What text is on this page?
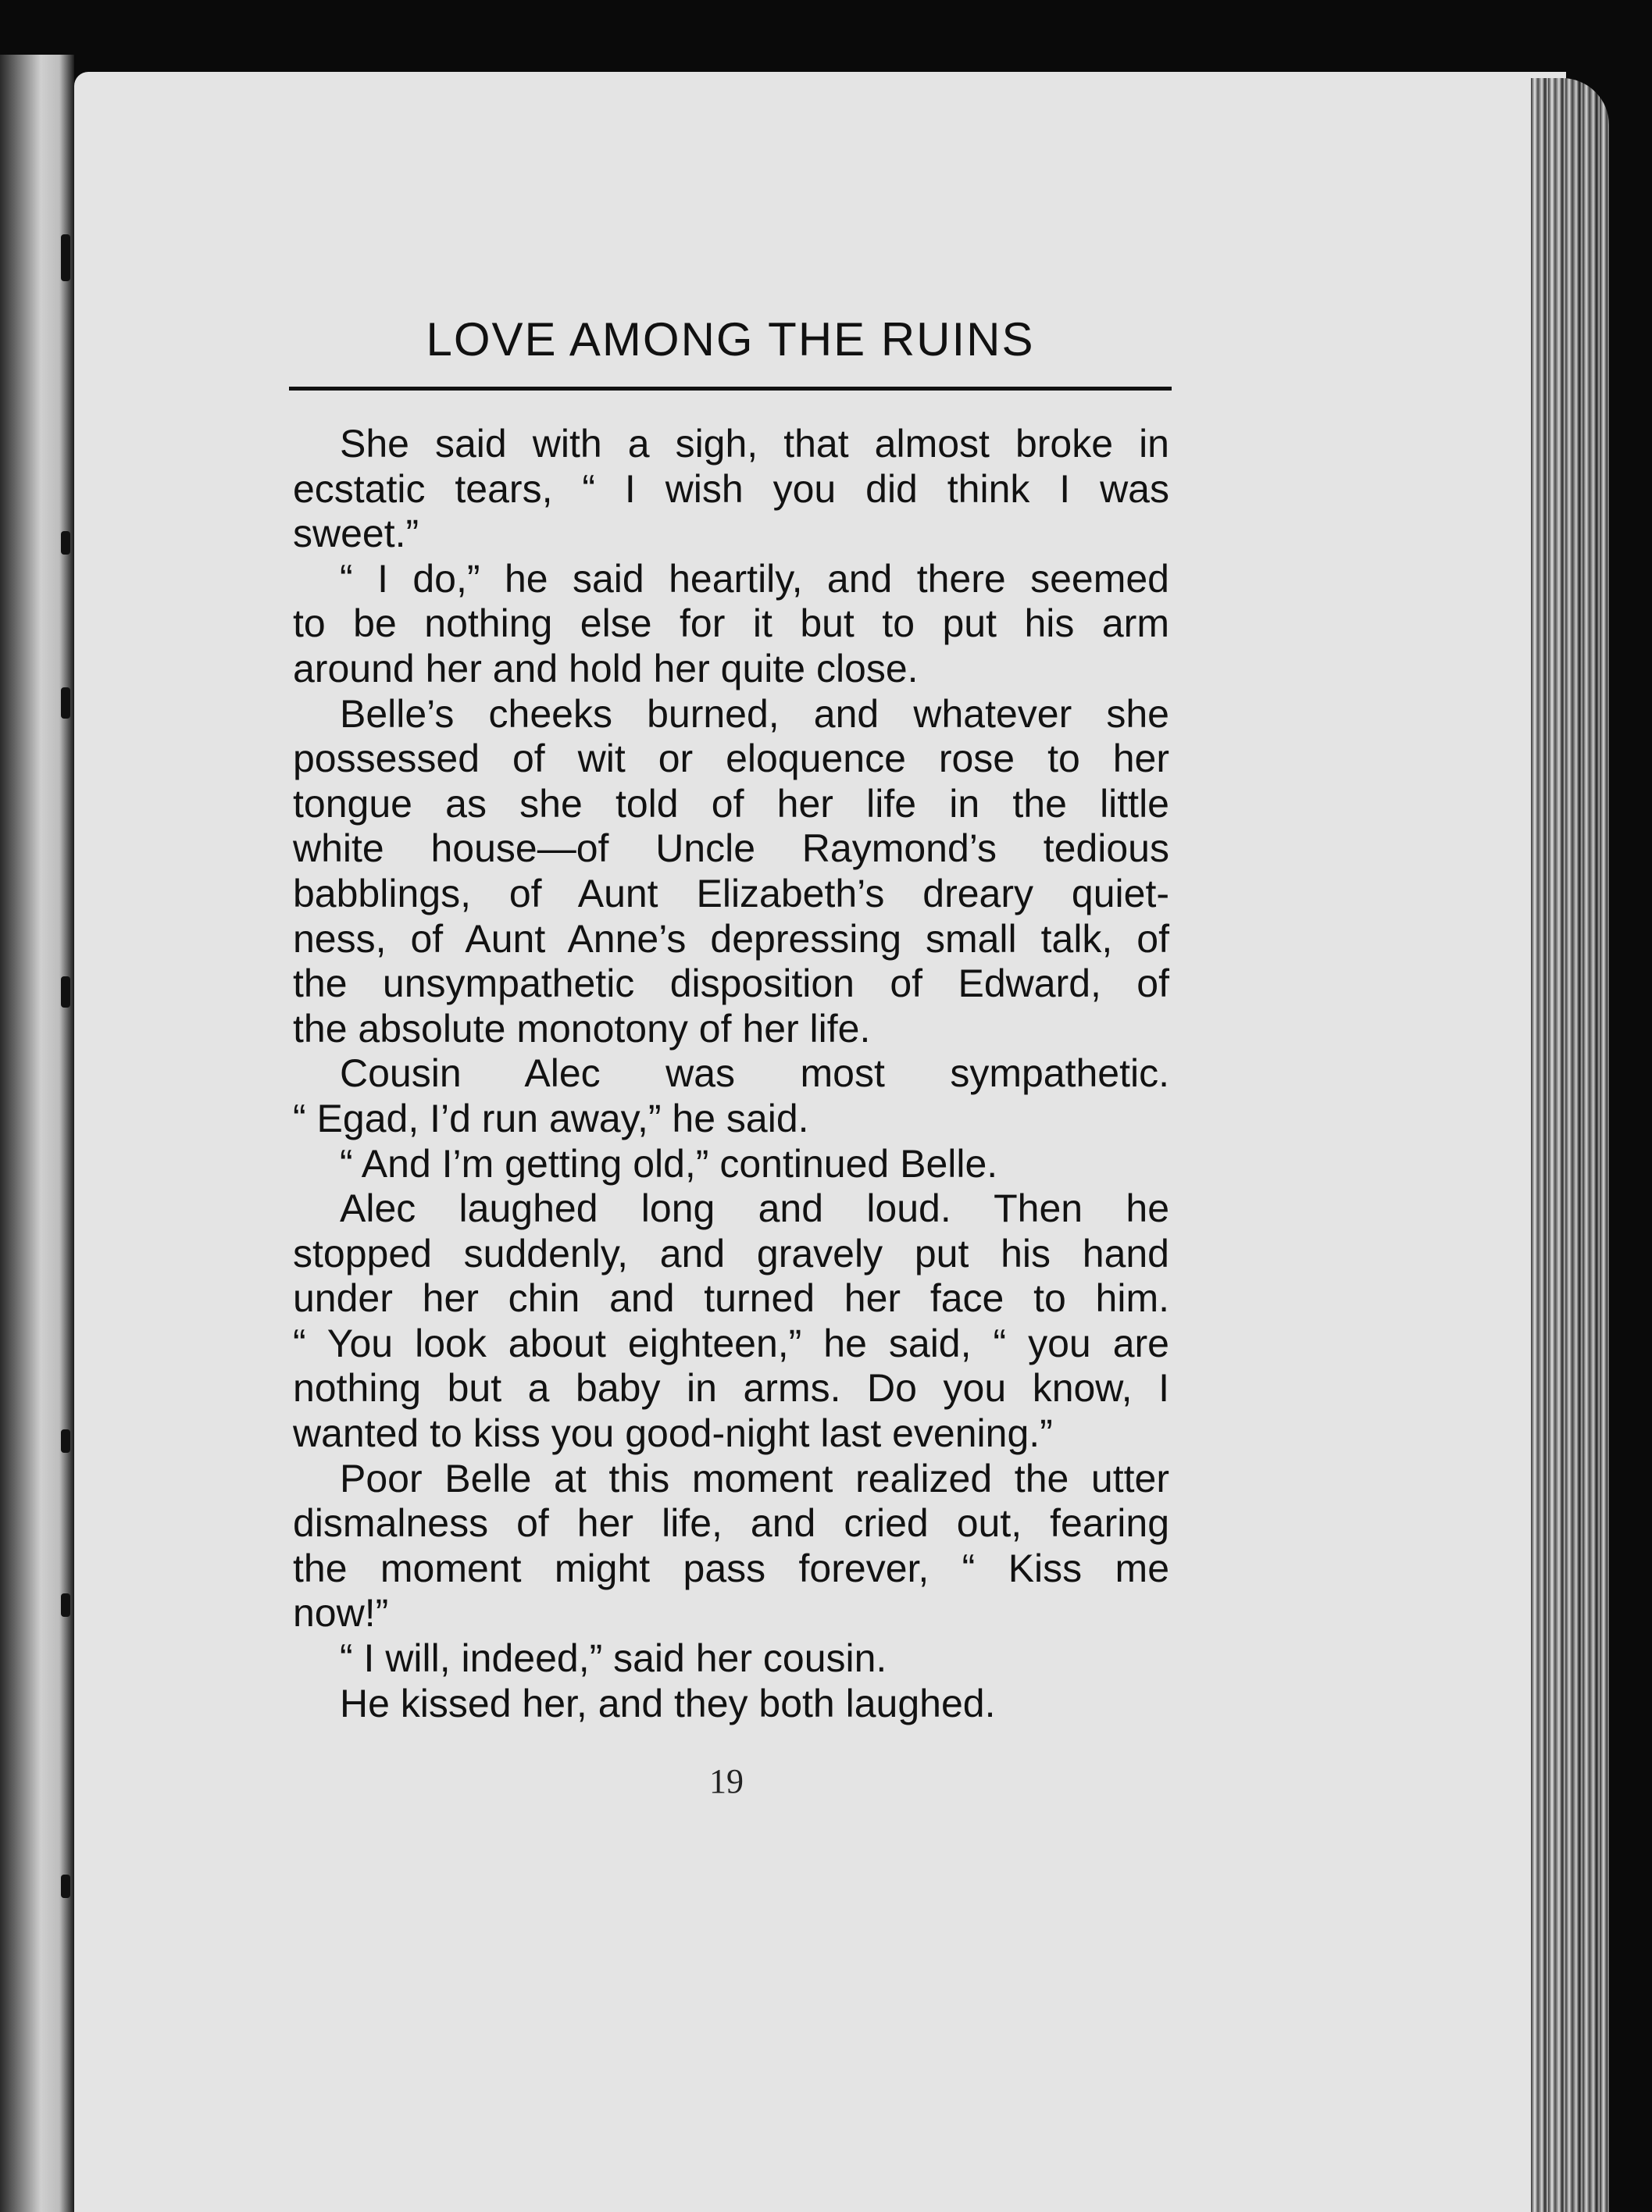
LOVE AMONG THE RUINS
She said with a sigh, that almost broke in
ecstatic tears, “ I wish you did think I was
sweet.”
“ I do,” he said heartily, and there seemed
to be nothing else for it but to put his arm
around her and hold her quite close.
Belle’s cheeks burned, and whatever she
possessed of wit or eloquence rose to her
tongue as she told of her life in the little
white house—of Uncle Raymond’s tedious
babblings, of Aunt Elizabeth’s dreary quiet-
ness, of Aunt Anne’s depressing small talk, of
the unsympathetic disposition of Edward, of
the absolute monotony of her life.
Cousin Alec was most sympathetic.
“ Egad, I’d run away,” he said.
“ And I’m getting old,” continued Belle.
Alec laughed long and loud. Then he
stopped suddenly, and gravely put his hand
under her chin and turned her face to him.
“ You look about eighteen,” he said, “ you are
nothing but a baby in arms. Do you know, I
wanted to kiss you good-night last evening.”
Poor Belle at this moment realized the utter
dismalness of her life, and cried out, fearing
the moment might pass forever, “ Kiss me
now!”
“ I will, indeed,” said her cousin.
He kissed her, and they both laughed.
19
